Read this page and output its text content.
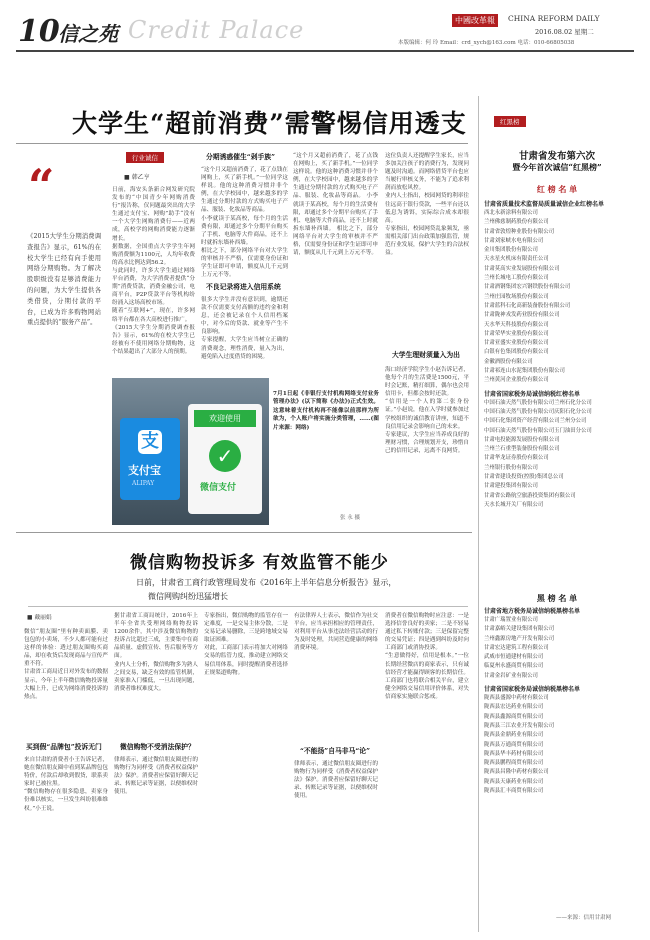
10
信之苑 Credit Palace	中國改革報	CHINA REFORM DAILY
2016.08.02 星期二
本版编辑：何 玲 Email：crd_xych@163.com 电话：010-66805038
大学生“超前消费”需警惕信用透支
“
《2015大学生分期消费调查报告》显示，61%的在校大学生已经有向手使用网络分期购物。为了解决股职级没有足够消费能力的问题，为大学生提供各类借贷，分期付款的平台，已成为许多购物网站重点提供的“服务产品”。
行业诚信
■ 韩乙亨
日前，海安头条新合网发研究院发布的“中国青少年网购消费行”报告称，仅问题最突出的大学生通过支付宝、网购”助手“没有一个大学生网购消费行——近两成，高校学的网购消费能力逐渐增长。
据数据，全国重点大学学生年网购消费额为1100元，人均年收费的高水比例达到56.2。
与此同时，许多大学生通过网络平台消费，为大学消费者提供“分期”消费贷款，消费金融公司，电商平台，P2P贷款平台等机构纷纷涌入这场高校市场。
随着“互联网+”，现在，许多网络平台都在各大高校进行推广。
《2015大学生分期消费调查报告》显示，61%的在校大学生已经被有不使用网络分期购物，这个结果超出了大部分人的预期。
分期诱惑催生“剁手族”
“这个月又超前消费了，花了点钱在网购上，买了新手机。”一位同学这样说。他的这种消费习惯并非个例，在大学校园中，越来越多的学生通过分期付款的方式购买电子产品、服装、化妆品等商品。
小李就读于某高校，每个月的生活费有限，却通过多个分期平台购买了手机、电脑等大件商品，还不上时就拆东墙补西墙。
相比之下，部分网络平台对大学生的审核并不严格，仅需要身份证和学生证即可申请，额度从几千元到上万元不等。
不良记录将进入信用系统
很多大学生并没有意识到，逾期还款不仅需要支付高额的违约金和利息，还会被记录在个人信用档案中，对今后的贷款、就业等产生不良影响。
专家提醒，大学生应当树立正确的消费观念，理性消费，量入为出，避免陷入过度借贷的困境。
“这个月又超前消费了，花了点钱在网购上，买了新手机。”一位同学这样说。他的这种消费习惯并非个例，在大学校园中，越来越多的学生通过分期付款的方式购买电子产品、服装、化妆品等商品。 小李就读于某高校，每个月的生活费有限，却通过多个分期平台购买了手机、电脑等大件商品，还不上时就拆东墙补西墙。 相比之下，部分网络平台对大学生的审核并不严格，仅需要身份证和学生证即可申请，额度从几千元到上万元不等。
这位负责人还提醒学生家长，应当多加关注孩子的消费行为，发现问题及时沟通。而网络借贷平台也应当履行审核义务，不能为了追求利润而放松风控。
业内人士指出，校园网贷的利率往往远高于银行贷款，一些平台还以低息为诱饵，实际综合成本却很高。
专家指出，校园网贷乱象频发，亟需相关部门出台政策加强监管，规范行业发展，保护大学生的合法权益。
大学生理财须量入为出
海口经济学院学生小赵告诉记者，他每个月的生活费是1500元，平时会记账，精打细算，偶尔也会用信用卡，但都会按时还款。
“信用是一个人的第二张身份证。”小赵说，他在入学时就参加过学校组织的诚信教育讲座，知道不良信用记录会影响自己的未来。
专家建议，大学生应当养成良好的理财习惯，合理规划开支，珍惜自己的信用记录，远离不良网贷。
支
支付宝
ALIPAY
欢迎使用
✓
微信支付
7月1日起《非银行支付机构网络支付业务管理办法》(以下简称《办法》)正式生效。这意味着支付机构再不能像以前那样为所欲为，个人账户将实施分类管理，……(图片来源：网络)
张 永 摄
红黑榜
甘肃省发布第六次
暨今年首次诚信“红黑榜”
红 榜 名 单
甘肃省质量技术监督局质量诚信企业红榜名单
西北永新涂料有限公司
兰州佛慈制药股份有限公司
甘肃省敦煌种业股份有限公司
甘肃刘家峡水电有限公司
金川集团股份有限公司
天水星火机床有限责任公司
甘肃莫高实业发展股份有限公司
兰州长城电工股份有限公司
甘肃酒钢集团宏兴钢铁股份有限公司
兰州庄园牧场股份有限公司
甘肃蓝科石化高新装备股份有限公司
甘肃陇神戎发药业股份有限公司
天水华天科技股份有限公司
甘肃荣华实业股份有限公司
甘肃亚盛实业股份有限公司
白银有色集团股份有限公司
金徽酒股份有限公司
甘肃祁连山水泥集团股份有限公司
兰州黄河企业股份有限公司
甘肃省国家税务局诚信纳税红榜名单
中国石油天然气股份有限公司兰州石化分公司
中国石油天然气股份有限公司庆阳石化分公司
中国石化集团资产经营有限公司兰州分公司
中国石油天然气股份有限公司玉门油田分公司
甘肃电投能源发展股份有限公司
兰州兰石重型装备股份有限公司
甘肃华龙证券股份有限公司
兰州银行股份有限公司
甘肃省建设投资(控股)集团总公司
甘肃建投集团有限公司
甘肃省公路航空旅游投资集团有限公司
天水长城开关厂有限公司
黑 榜 名 单
甘肃省地方税务局诚信纳税黑榜名单
甘肃广瑞置业有限公司
甘肃嘉峪关建设集团有限公司
兰州鑫源房地产开发有限公司
甘肃宏达建筑工程有限公司
武威市恒通建材有限公司
临夏州永盛商贸有限公司
甘肃金岩矿业有限公司
甘肃省国家税务局诚信纳税黑榜名单
陇西县盛源中药材有限公司
陇西县宏达药业有限公司
陇西县鑫源商贸有限公司
陇西县三江农业开发有限公司
陇西县金鼎药业有限公司
陇西县万通商贸有限公司
陇西县华丰药材有限公司
陇西县鹏程商贸有限公司
陇西县昌隆中药材有限公司
陇西县天康药业有限公司
陇西县汇丰商贸有限公司
——来源：信用甘肃网
微信购物投诉多 有效监管不能少
日前，甘肃省工商行政管理局发布《2016年上半年信息分析报告》显示，
微信网购纠纷迅猛增长
■ 戴丽娟
微信“朋友圈”里有种卖面膜、卖包包的小卖场，不少人都可能有过这样的体验：透过朋友圈购买商品，却在收货后发现商品与宣传严重不符。
甘肃省工商局近日对外发布的数据显示，今年上半年微信购物投诉量大幅上升，已成为网络消费投诉的热点。
买到假“品牌包”投诉无门
来自甘肃的消费者小王告诉记者，她在微信朋友圈中看到某品牌包包特价，付款后却收到假货，联系卖家时已被拉黑。
“微信购物存在很多隐患，卖家身份难以核实，一旦发生纠纷很难维权。”小王说。
据甘肃省工商局统计，2016年上半年全省共受理网络购物投诉1200余件，其中涉及微信购物的投诉占比超过三成，主要集中在商品质量、虚假宣传、售后服务等方面。
业内人士分析，微信购物多为熟人之间交易，缺乏有效的监管机制，卖家准入门槛低，一旦出现问题，消费者维权难度大。
微信购物不受消法保护？
律师表示，通过微信朋友圈进行的购物行为同样受《消费者权益保护法》保护。消费者应保留好聊天记录、转账记录等证据，以便维权时使用。
专家指出，微信购物的监管存在一定难度，一是交易主体分散，二是交易记录易删除，三是跨地域交易取证困难。
对此，工商部门表示将加大对网络交易的监管力度，推动建立网络交易信用体系，同时提醒消费者选择正规渠道购物。
有法律界人士表示，微信作为社交平台，应当承担相应的管理责任，对利用平台从事违法经营活动的行为及时处理，共同营造健康的网络消费环境。
“不能扬”自马非马“论”
律师表示，通过微信朋友圈进行的购物行为同样受《消费者权益保护法》保护。消费者应保留好聊天记录、转账记录等证据，以便维权时使用。
消费者在微信购物时应注意：一是选择信誉良好的卖家；二是不轻易通过私下转账付款；三是保留完整的交易凭证；四是遇到纠纷及时向工商部门或消协投诉。
“生意做得好，信用是根本。”一位长期经营微店的商家表示，只有诚信经营才能赢得顾客的长期信任。
工商部门也将联合相关平台，建立健全网络交易信用评价体系，对失信商家实施联合惩戒。
